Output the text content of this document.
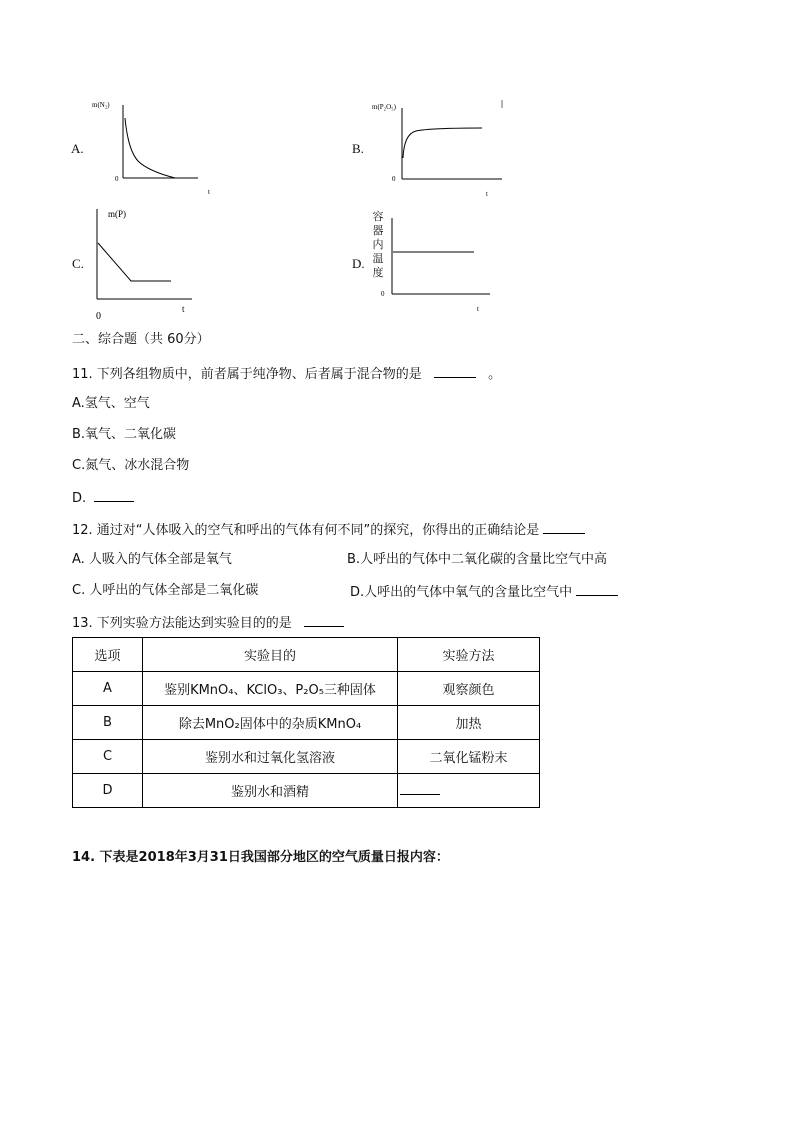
A.
m(N₂)
0
t
B.
m(P₂O₅)
0
t
C.
m(P)
0
t
D.
容
器
内
温
度
0
t
二、综合题（共 60分）
11. 下列各组物质中，前者属于纯净物、后者属于混合物的是	。
A.氢气、空气
B.氧气、二氧化碳
C.氮气、冰水混合物
D.
12. 通过对“人体吸入的空气和呼出的气体有何不同”的探究，你得出的正确结论是
A. 人吸入的气体全部是氧气	B.人呼出的气体中二氧化碳的含量比空气中高
C. 人呼出的气体全部是二氧化碳	D.人呼出的气体中氧气的含量比空气中
13. 下列实验方法能达到实验目的的是
选项	实验目的	实验方法
A	鉴别KMnO₄、KClO₃、P₂O₅三种固体	观察颜色
B	除去MnO₂固体中的杂质KMnO₄	加热
C	鉴别水和过氧化氢溶液	二氧化锰粉末
D	鉴别水和酒精	
14. 下表是2018年3月31日我国部分地区的空气质量日报内容：
